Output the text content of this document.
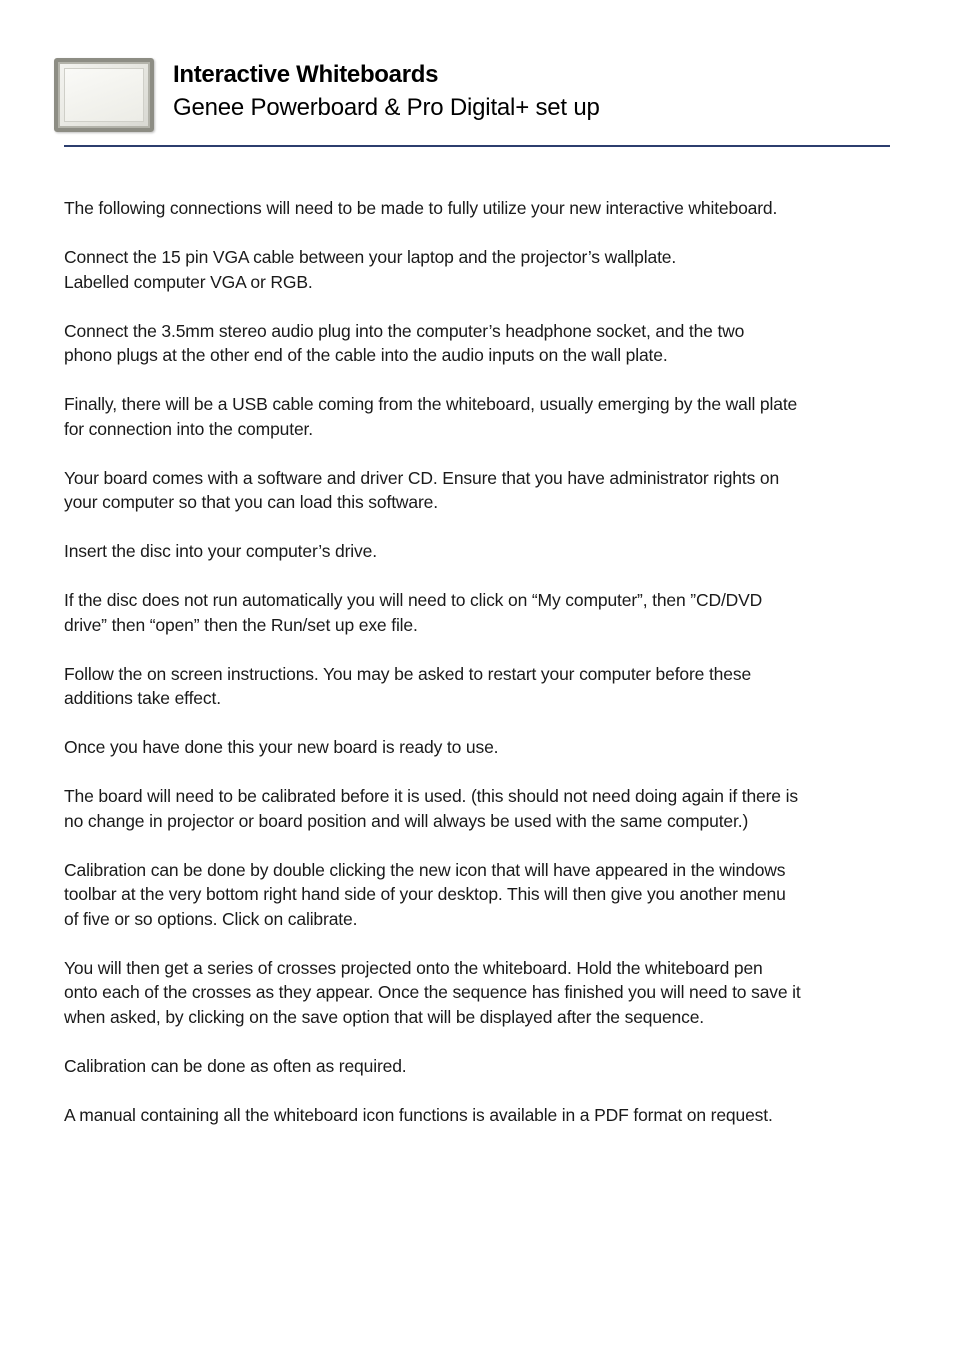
Interactive Whiteboards
Genee Powerboard & Pro Digital+ set up

The following connections will need to be made to fully utilize your new interactive whiteboard.

Connect the 15 pin VGA cable between your laptop and the projector’s wallplate.
Labelled computer VGA or RGB.

Connect the 3.5mm stereo audio plug into the computer’s headphone socket, and the two
phono plugs at the other end of the cable into the audio inputs on the wall plate.

Finally, there will be a USB cable coming from the whiteboard, usually emerging by the wall plate
for connection into the computer.

Your board comes with a software and driver CD. Ensure that you have administrator rights on
your computer so that you can load this software.

Insert the disc into your computer’s drive.

If the disc does not run automatically you will need to click on “My computer”, then ”CD/DVD
drive” then “open” then the Run/set up exe file.

Follow the on screen instructions. You may be asked to restart your computer before these
additions take effect.

Once you have done this your new board is ready to use.

The board will need to be calibrated before it is used. (this should not need doing again if there is
no change in projector or board position and will always be used with the same computer.)

Calibration can be done by double clicking the new icon that will have appeared in the windows
toolbar at the very bottom right hand side of your desktop. This will then give you another menu
of five or so options. Click on calibrate.

You will then get a series of crosses projected onto the whiteboard. Hold the whiteboard pen
onto each of the crosses as they appear. Once the sequence has finished you will need to save it
when asked, by clicking on the save option that will be displayed after the sequence.

Calibration can be done as often as required.

A manual containing all the whiteboard icon functions is available in a PDF format on request.
